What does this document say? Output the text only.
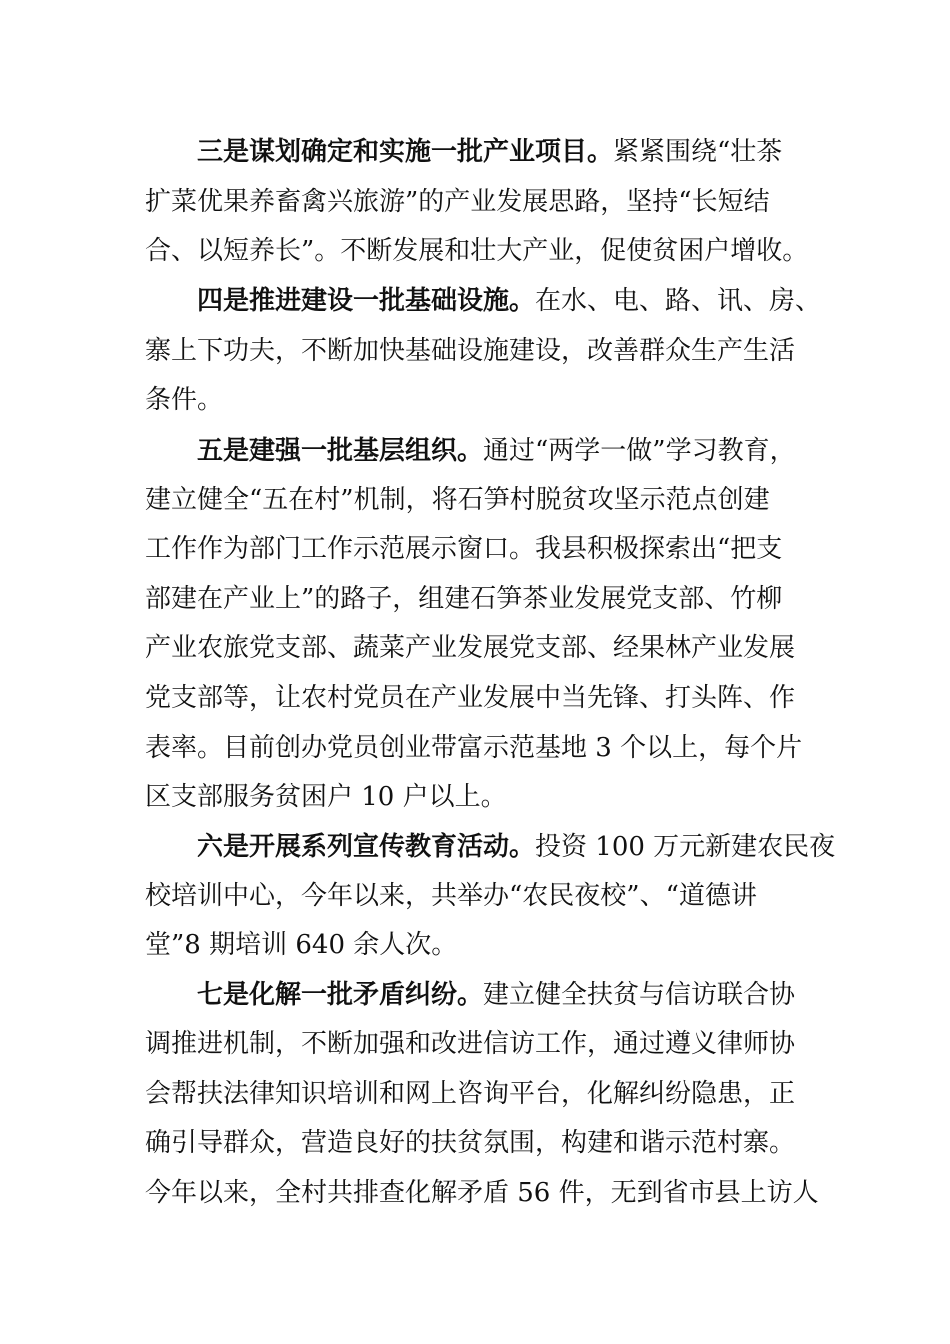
三是谋划确定和实施一批产业项目。紧紧围绕“壮茶
扩菜优果养畜禽兴旅游”的产业发展思路，坚持“长短结
合、以短养长”。不断发展和壮大产业，促使贫困户增收。
四是推进建设一批基础设施。在水、电、路、讯、房、
寨上下功夫，不断加快基础设施建设，改善群众生产生活
条件。
五是建强一批基层组织。通过“两学一做”学习教育，
建立健全“五在村”机制，将石笋村脱贫攻坚示范点创建
工作作为部门工作示范展示窗口。我县积极探索出“把支
部建在产业上”的路子，组建石笋茶业发展党支部、竹柳
产业农旅党支部、蔬菜产业发展党支部、经果林产业发展
党支部等，让农村党员在产业发展中当先锋、打头阵、作
表率。目前创办党员创业带富示范基地 3 个以上，每个片
区支部服务贫困户 10 户以上。
六是开展系列宣传教育活动。投资 100 万元新建农民夜
校培训中心，今年以来，共举办“农民夜校”、“道德讲
堂”8 期培训 640 余人次。
七是化解一批矛盾纠纷。建立健全扶贫与信访联合协
调推进机制，不断加强和改进信访工作，通过遵义律师协
会帮扶法律知识培训和网上咨询平台，化解纠纷隐患，正
确引导群众，营造良好的扶贫氛围，构建和谐示范村寨。
今年以来，全村共排查化解矛盾 56 件，无到省市县上访人
